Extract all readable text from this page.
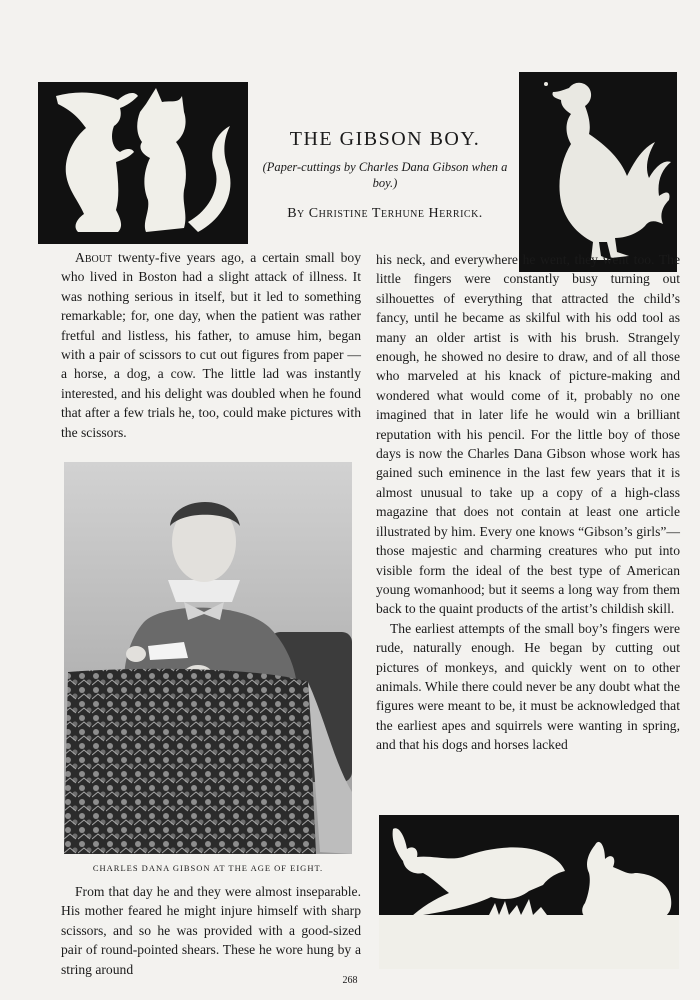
THE GIBSON BOY.
(Paper-cuttings by Charles Dana Gibson when a boy.)
By Christine Terhune Herrick.

About twenty-five years ago, a certain small boy who lived in Boston had a slight attack of illness. It was nothing serious in itself, but it led to something remarkable; for, one day, when the patient was rather fretful and listless, his father, to amuse him, began with a pair of scissors to cut out figures from paper — a horse, a dog, a cow. The little lad was instantly interested, and his delight was doubled when he found that after a few trials he, too, could make pictures with the scissors.

CHARLES DANA GIBSON AT THE AGE OF EIGHT.

From that day he and they were almost inseparable. His mother feared he might injure himself with sharp scissors, and so he was provided with a good-sized pair of round-pointed shears. These he wore hung by a string around

his neck, and everywhere he went, they went too. The little fingers were constantly busy turning out silhouettes of everything that attracted the child’s fancy, until he became as skilful with his odd tool as many an older artist is with his brush. Strangely enough, he showed no desire to draw, and of all those who marveled at his knack of picture-making and wondered what would come of it, probably no one imagined that in later life he would win a brilliant reputation with his pencil. For the little boy of those days is now the Charles Dana Gibson whose work has gained such eminence in the last few years that it is almost unusual to take up a copy of a high-class magazine that does not contain at least one article illustrated by him. Every one knows “Gibson’s girls”— those majestic and charming creatures who put into visible form the ideal of the best type of American young womanhood; but it seems a long way from them back to the quaint products of the artist’s childish skill.

The earliest attempts of the small boy’s fingers were rude, naturally enough. He began by cutting out pictures of monkeys, and quickly went on to other animals. While there could never be any doubt what the figures were meant to be, it must be acknowledged that the earliest apes and squirrels were wanting in spring, and that his dogs and horses lacked

268
